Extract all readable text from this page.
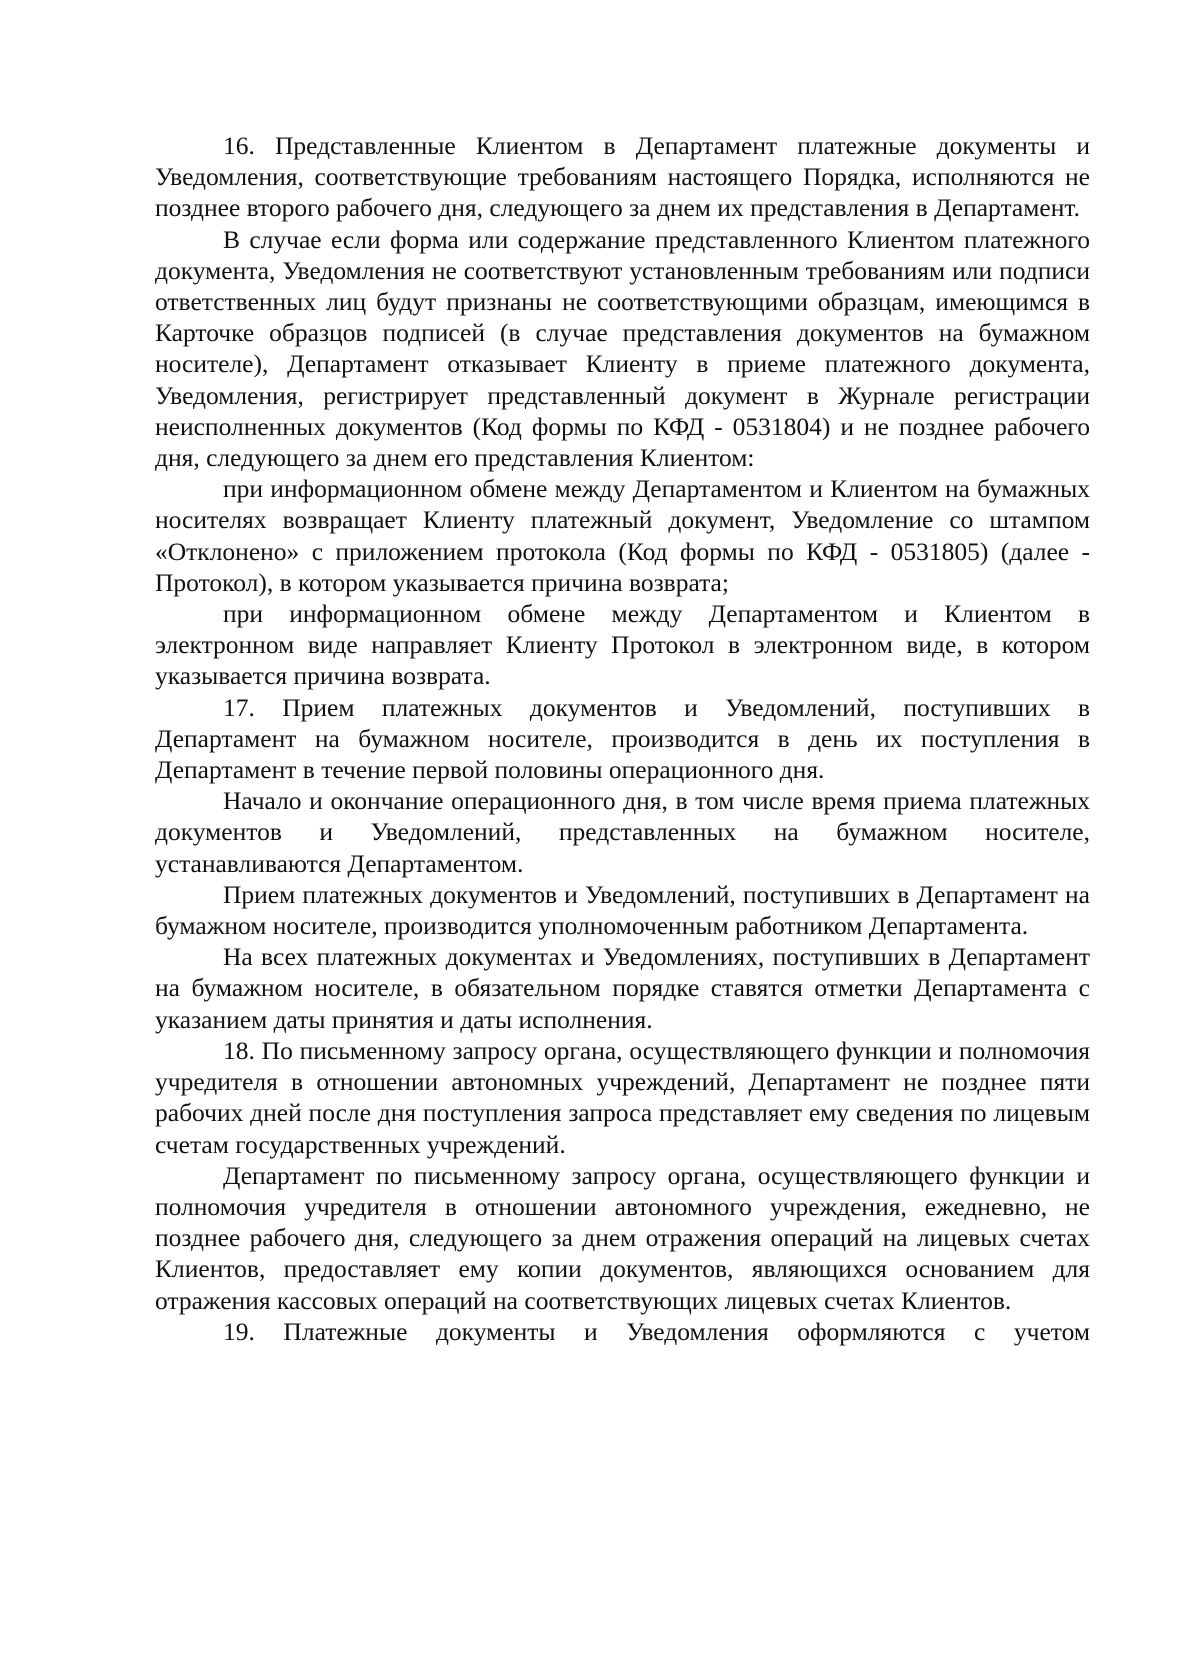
16. Представленные Клиентом в Департамент платежные документы и Уведомления, соответствующие требованиям настоящего Порядка, исполняются не позднее второго рабочего дня, следующего за днем их представления в Департамент.

В случае если форма или содержание представленного Клиентом платежного документа, Уведомления не соответствуют установленным требованиям или подписи ответственных лиц будут признаны не соответствующими образцам, имеющимся в Карточке образцов подписей (в случае представления документов на бумажном носителе), Департамент отказывает Клиенту в приеме платежного документа, Уведомления, регистрирует представленный документ в Журнале регистрации неисполненных документов (Код формы по КФД - 0531804) и не позднее рабочего дня, следующего за днем его представления Клиентом:

при информационном обмене между Департаментом и Клиентом на бумажных носителях возвращает Клиенту платежный документ, Уведомление со штампом «Отклонено» с приложением протокола (Код формы по КФД - 0531805) (далее - Протокол), в котором указывается причина возврата;

при информационном обмене между Департаментом и Клиентом в электронном виде направляет Клиенту Протокол в электронном виде, в котором указывается причина возврата.

17. Прием платежных документов и Уведомлений, поступивших в Департамент на бумажном носителе, производится в день их поступления в Департамент в течение первой половины операционного дня.

Начало и окончание операционного дня, в том числе время приема платежных документов и Уведомлений, представленных на бумажном носителе, устанавливаются Департаментом.

Прием платежных документов и Уведомлений, поступивших в Департамент на бумажном носителе, производится уполномоченным работником Департамента.

На всех платежных документах и Уведомлениях, поступивших в Департамент на бумажном носителе, в обязательном порядке ставятся отметки Департамента с указанием даты принятия и даты исполнения.

18. По письменному запросу органа, осуществляющего функции и полномочия учредителя в отношении автономных учреждений, Департамент не позднее пяти рабочих дней после дня поступления запроса представляет ему сведения по лицевым счетам государственных учреждений.

Департамент по письменному запросу органа, осуществляющего функции и полномочия учредителя в отношении автономного учреждения, ежедневно, не позднее рабочего дня, следующего за днем отражения операций на лицевых счетах Клиентов, предоставляет ему копии документов, являющихся основанием для отражения кассовых операций на соответствующих лицевых счетах Клиентов.

19. Платежные документы и Уведомления оформляются с учетом
